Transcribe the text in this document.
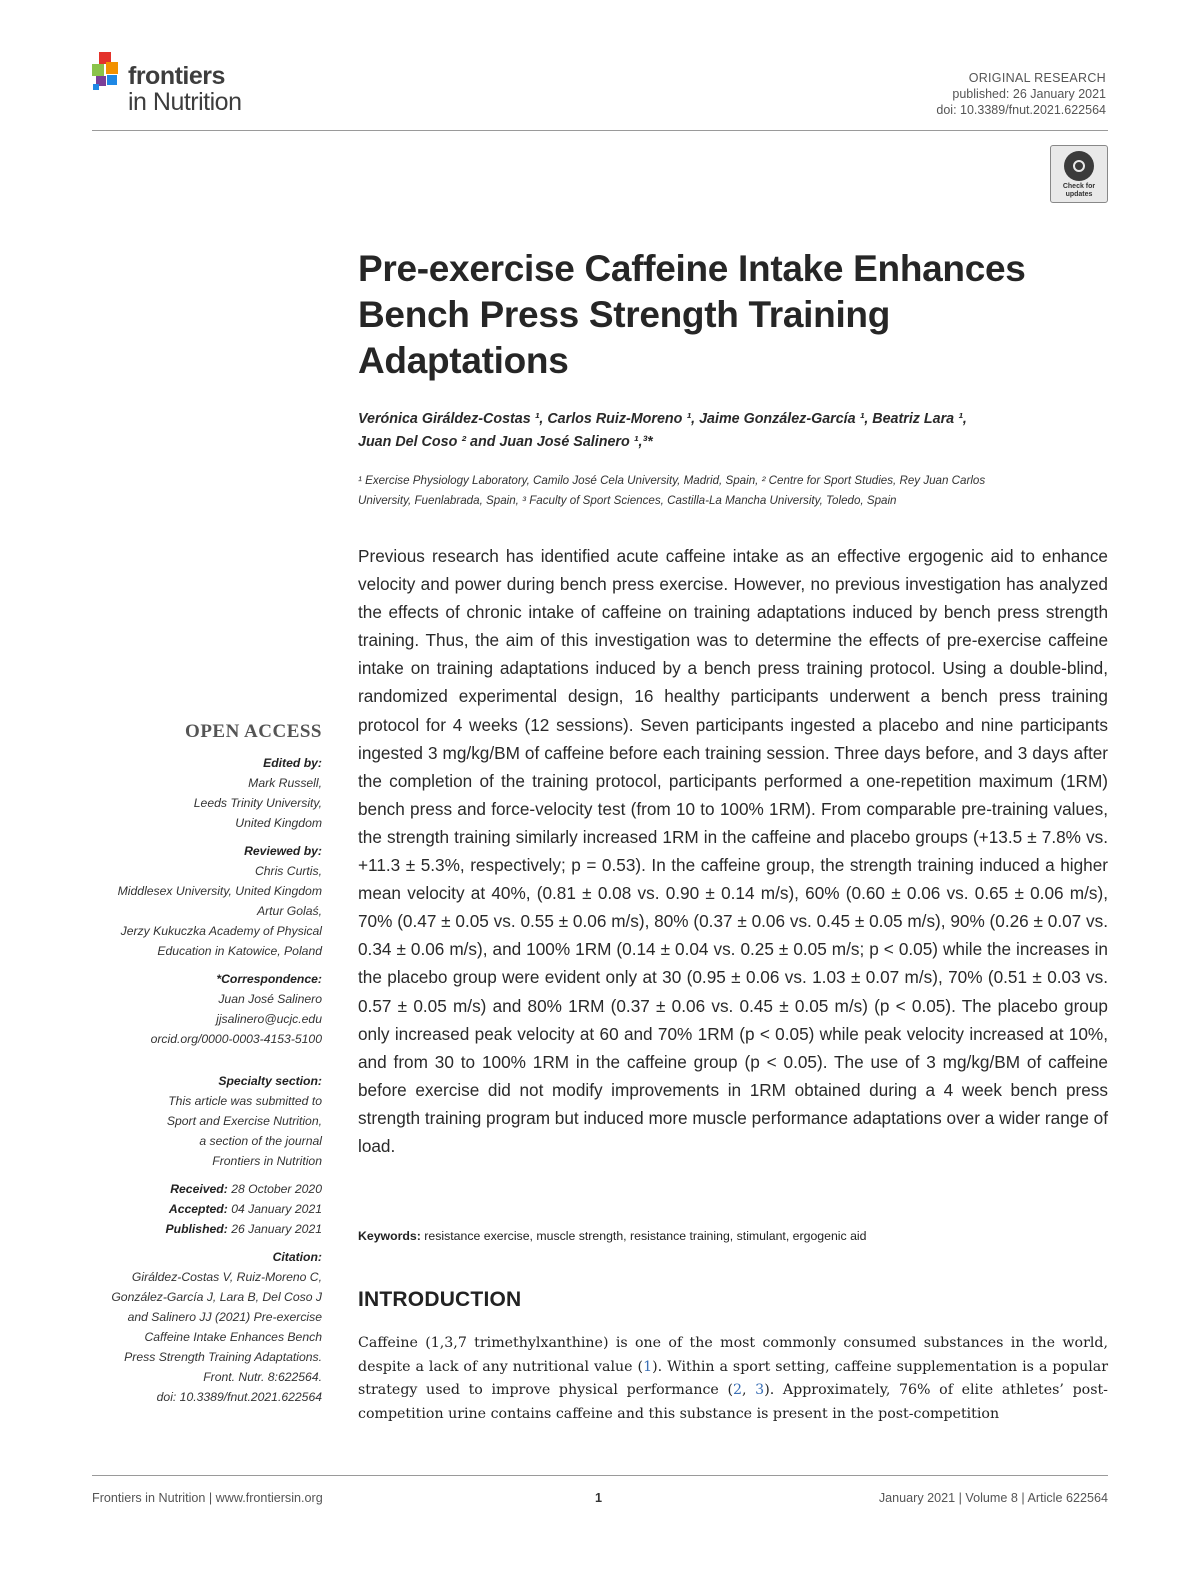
frontiers
in Nutrition
ORIGINAL RESEARCH
published: 26 January 2021
doi: 10.3389/fnut.2021.622564
Check for updates
Pre-exercise Caffeine Intake Enhances Bench Press Strength Training Adaptations
Verónica Giráldez-Costas ¹, Carlos Ruiz-Moreno ¹, Jaime González-García ¹, Beatriz Lara ¹,
Juan Del Coso ² and Juan José Salinero ¹,³*
¹ Exercise Physiology Laboratory, Camilo José Cela University, Madrid, Spain, ² Centre for Sport Studies, Rey Juan Carlos
University, Fuenlabrada, Spain, ³ Faculty of Sport Sciences, Castilla-La Mancha University, Toledo, Spain
Previous research has identified acute caffeine intake as an effective ergogenic aid to enhance velocity and power during bench press exercise. However, no previous investigation has analyzed the effects of chronic intake of caffeine on training adaptations induced by bench press strength training. Thus, the aim of this investigation was to determine the effects of pre-exercise caffeine intake on training adaptations induced by a bench press training protocol. Using a double-blind, randomized experimental design, 16 healthy participants underwent a bench press training protocol for 4 weeks (12 sessions). Seven participants ingested a placebo and nine participants ingested 3 mg/kg/BM of caffeine before each training session. Three days before, and 3 days after the completion of the training protocol, participants performed a one-repetition maximum (1RM) bench press and force-velocity test (from 10 to 100% 1RM). From comparable pre-training values, the strength training similarly increased 1RM in the caffeine and placebo groups (+13.5 ± 7.8% vs. +11.3 ± 5.3%, respectively; p = 0.53). In the caffeine group, the strength training induced a higher mean velocity at 40%, (0.81 ± 0.08 vs. 0.90 ± 0.14 m/s), 60% (0.60 ± 0.06 vs. 0.65 ± 0.06 m/s), 70% (0.47 ± 0.05 vs. 0.55 ± 0.06 m/s), 80% (0.37 ± 0.06 vs. 0.45 ± 0.05 m/s), 90% (0.26 ± 0.07 vs. 0.34 ± 0.06 m/s), and 100% 1RM (0.14 ± 0.04 vs. 0.25 ± 0.05 m/s; p < 0.05) while the increases in the placebo group were evident only at 30 (0.95 ± 0.06 vs. 1.03 ± 0.07 m/s), 70% (0.51 ± 0.03 vs. 0.57 ± 0.05 m/s) and 80% 1RM (0.37 ± 0.06 vs. 0.45 ± 0.05 m/s) (p < 0.05). The placebo group only increased peak velocity at 60 and 70% 1RM (p < 0.05) while peak velocity increased at 10%, and from 30 to 100% 1RM in the caffeine group (p < 0.05). The use of 3 mg/kg/BM of caffeine before exercise did not modify improvements in 1RM obtained during a 4 week bench press strength training program but induced more muscle performance adaptations over a wider range of load.
Keywords: resistance exercise, muscle strength, resistance training, stimulant, ergogenic aid
INTRODUCTION
Caffeine (1,3,7 trimethylxanthine) is one of the most commonly consumed substances in the world, despite a lack of any nutritional value (1). Within a sport setting, caffeine supplementation is a popular strategy used to improve physical performance (2, 3). Approximately, 76% of elite athletes’ post-competition urine contains caffeine and this substance is present in the post-competition
OPEN ACCESS
Edited by:
Mark Russell,
Leeds Trinity University,
United Kingdom
Reviewed by:
Chris Curtis,
Middlesex University, United Kingdom
Artur Golaś,
Jerzy Kukuczka Academy of Physical
Education in Katowice, Poland
*Correspondence:
Juan José Salinero
jjsalinero@ucjc.edu
orcid.org/0000-0003-4153-5100
Specialty section:
This article was submitted to
Sport and Exercise Nutrition,
a section of the journal
Frontiers in Nutrition
Received: 28 October 2020
Accepted: 04 January 2021
Published: 26 January 2021
Citation:
Giráldez-Costas V, Ruiz-Moreno C,
González-García J, Lara B, Del Coso J
and Salinero JJ (2021) Pre-exercise
Caffeine Intake Enhances Bench
Press Strength Training Adaptations.
Front. Nutr. 8:622564.
doi: 10.3389/fnut.2021.622564
Frontiers in Nutrition | www.frontiersin.org	1	January 2021 | Volume 8 | Article 622564
